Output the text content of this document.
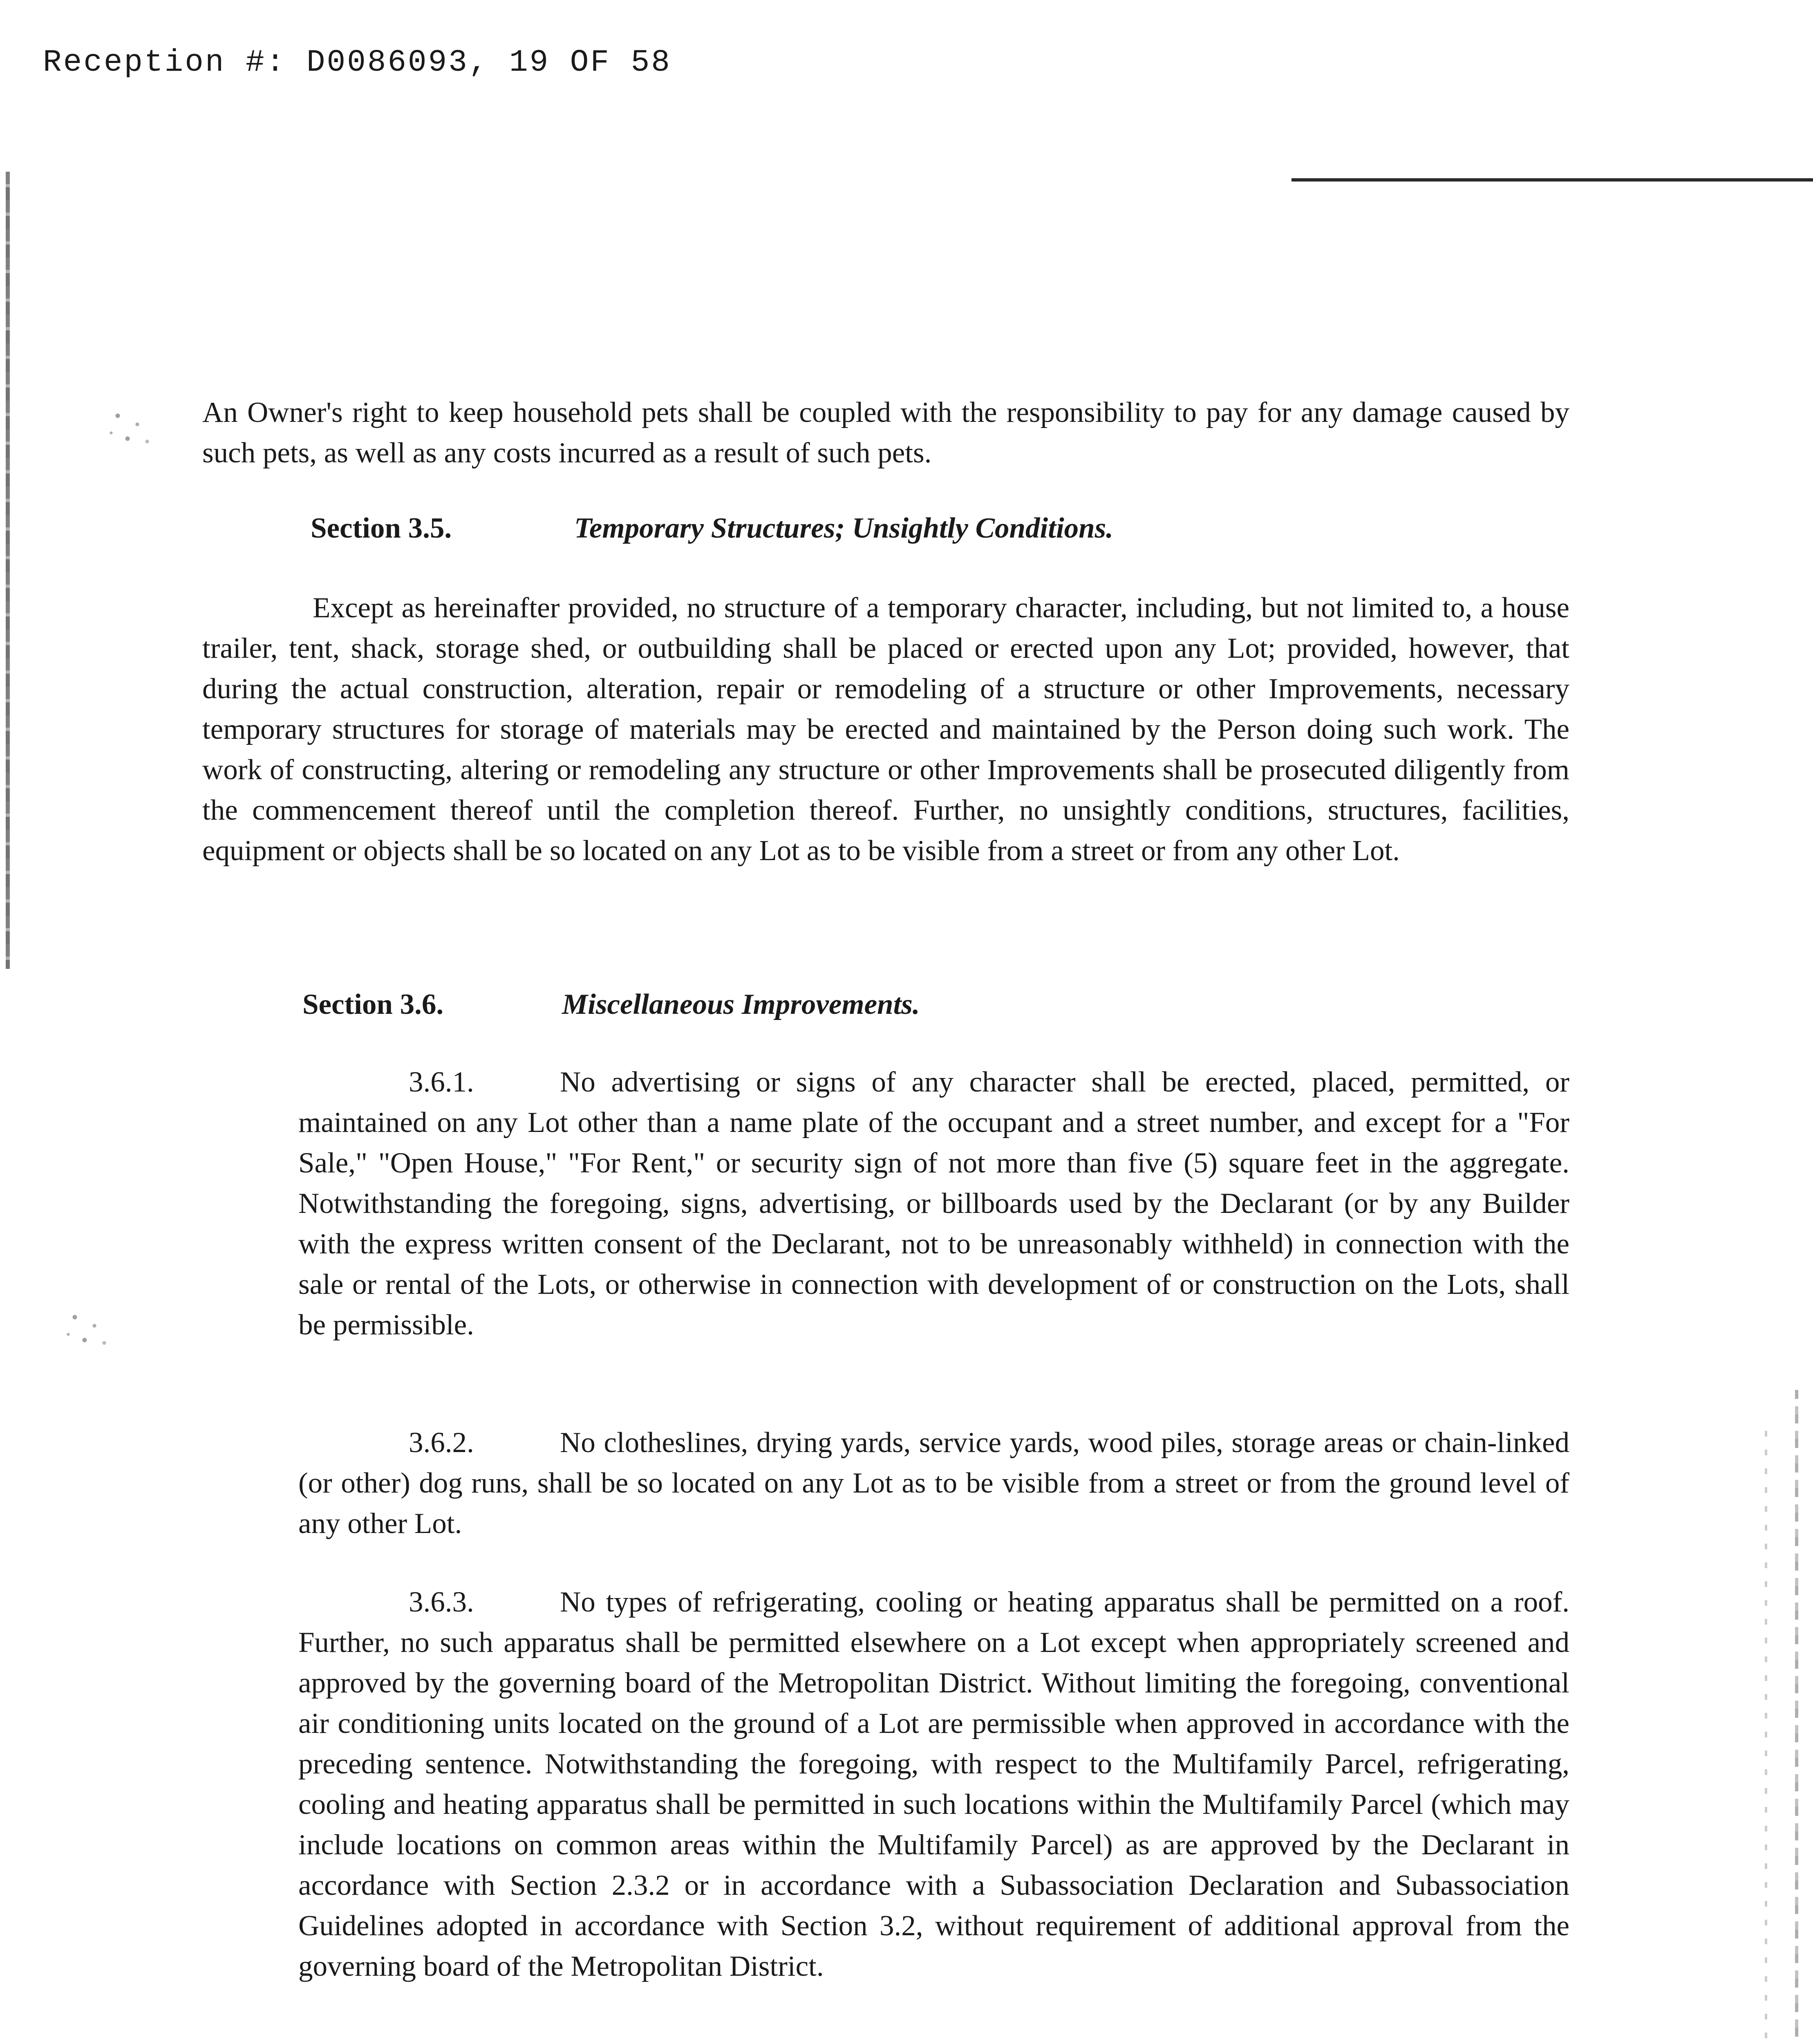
Reception #: D0086093, 19 OF 58

An Owner's right to keep household pets shall be coupled with the responsibility to pay for any damage caused by such pets, as well as any costs incurred as a result of such pets.

Section 3.5.	Temporary Structures; Unsightly Conditions.

Except as hereinafter provided, no structure of a temporary character, including, but not limited to, a house trailer, tent, shack, storage shed, or outbuilding shall be placed or erected upon any Lot; provided, however, that during the actual construction, alteration, repair or remodeling of a structure or other Improvements, necessary temporary structures for storage of materials may be erected and maintained by the Person doing such work. The work of constructing, altering or remodeling any structure or other Improvements shall be prosecuted diligently from the commencement thereof until the completion thereof. Further, no unsightly conditions, structures, facilities, equipment or objects shall be so located on any Lot as to be visible from a street or from any other Lot.

Section 3.6.	Miscellaneous Improvements.

3.6.1.	No advertising or signs of any character shall be erected, placed, permitted, or maintained on any Lot other than a name plate of the occupant and a street number, and except for a "For Sale," "Open House," "For Rent," or security sign of not more than five (5) square feet in the aggregate. Notwithstanding the foregoing, signs, advertising, or billboards used by the Declarant (or by any Builder with the express written consent of the Declarant, not to be unreasonably withheld) in connection with the sale or rental of the Lots, or otherwise in connection with development of or construction on the Lots, shall be permissible.

3.6.2.	No clotheslines, drying yards, service yards, wood piles, storage areas or chain-linked (or other) dog runs, shall be so located on any Lot as to be visible from a street or from the ground level of any other Lot.

3.6.3.	No types of refrigerating, cooling or heating apparatus shall be permitted on a roof. Further, no such apparatus shall be permitted elsewhere on a Lot except when appropriately screened and approved by the governing board of the Metropolitan District. Without limiting the foregoing, conventional air conditioning units located on the ground of a Lot are permissible when approved in accordance with the preceding sentence. Notwithstanding the foregoing, with respect to the Multifamily Parcel, refrigerating, cooling and heating apparatus shall be permitted in such locations within the Multifamily Parcel (which may include locations on common areas within the Multifamily Parcel) as are approved by the Declarant in accordance with Section 2.3.2 or in accordance with a Subassociation Declaration and Subassociation Guidelines adopted in accordance with Section 3.2, without requirement of additional approval from the governing board of the Metropolitan District.
